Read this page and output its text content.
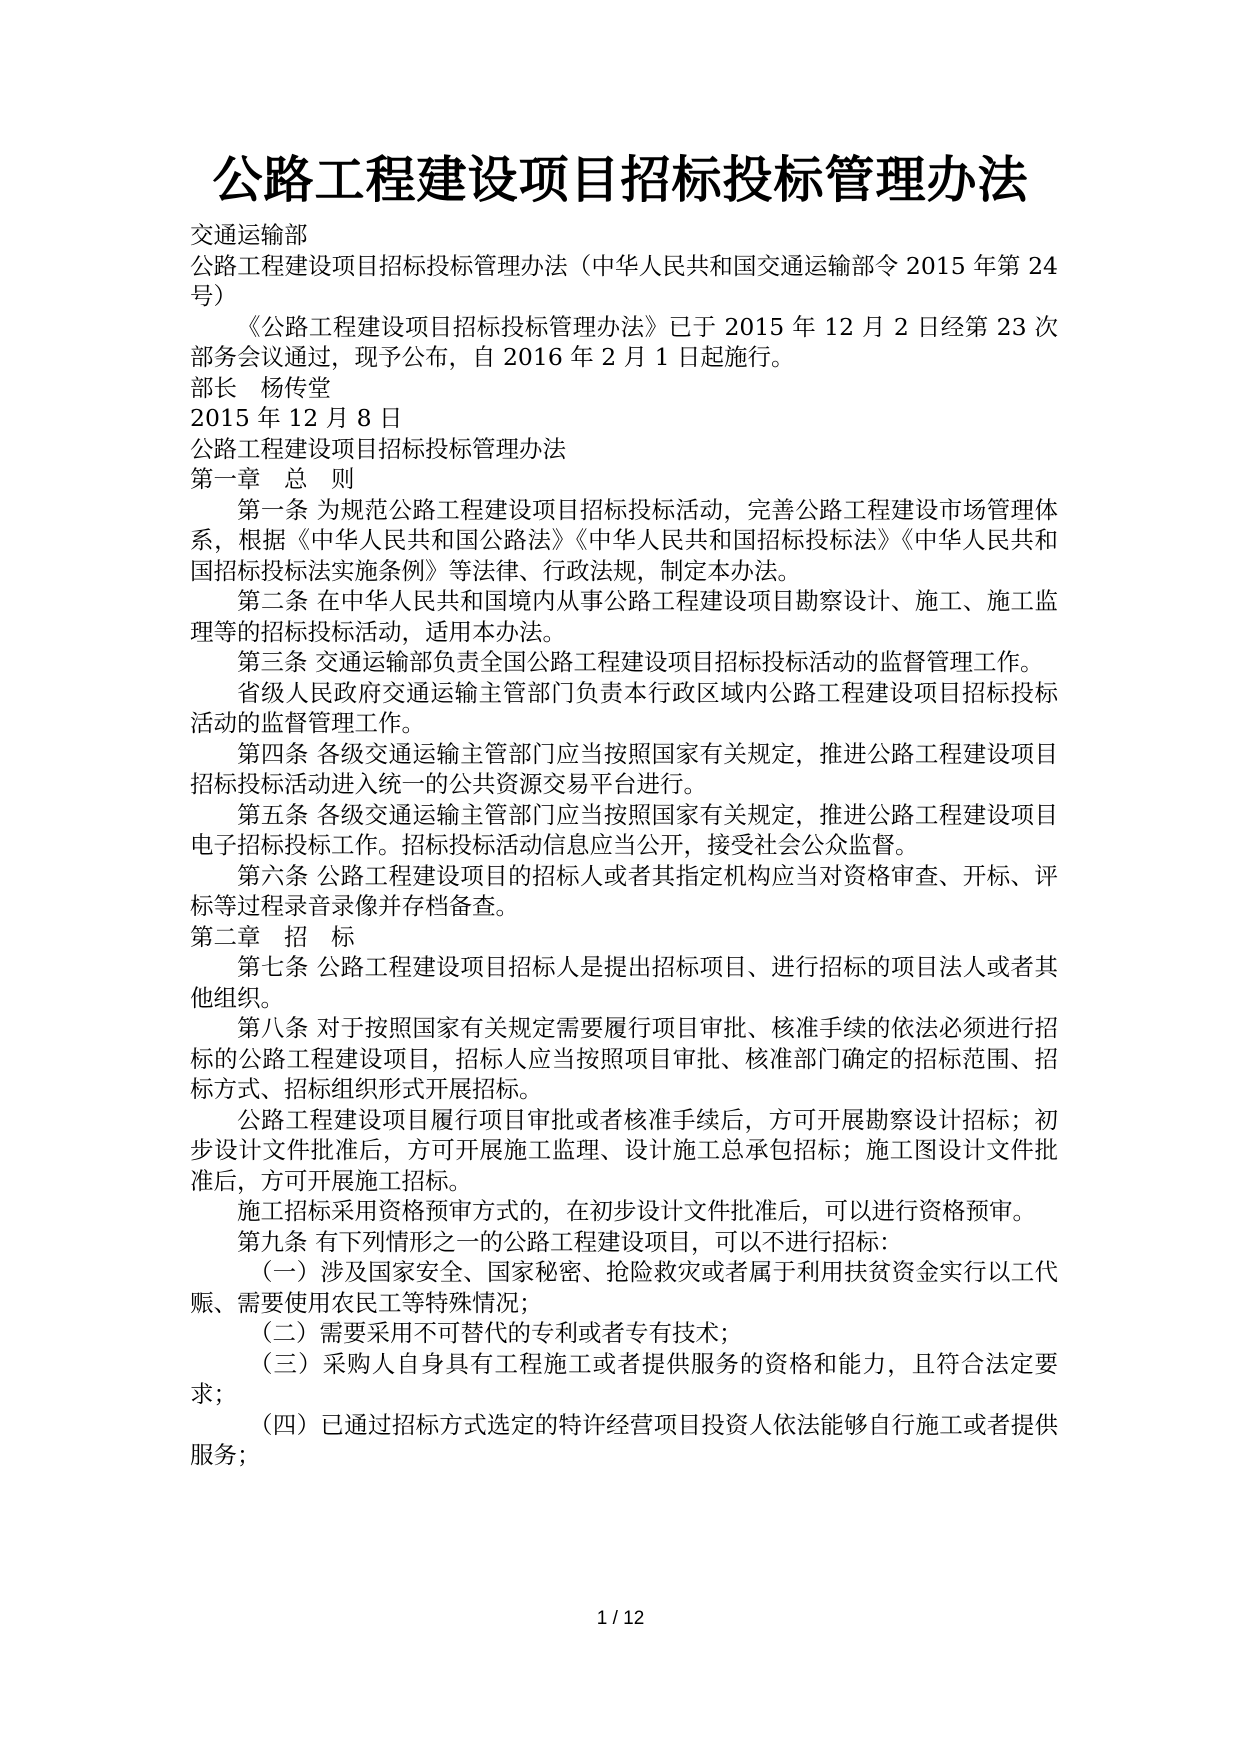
公路工程建设项目招标投标管理办法

交通运输部

公路工程建设项目招标投标管理办法（中华人民共和国交通运输部令 2015 年第 24 号）

《公路工程建设项目招标投标管理办法》已于 2015 年 12 月 2 日经第 23 次部务会议通过，现予公布，自 2016 年 2 月 1 日起施行。

部长　杨传堂

2015 年 12 月 8 日

公路工程建设项目招标投标管理办法

第一章　总　则

第一条 为规范公路工程建设项目招标投标活动，完善公路工程建设市场管理体系，根据《中华人民共和国公路法》《中华人民共和国招标投标法》《中华人民共和国招标投标法实施条例》等法律、行政法规，制定本办法。

第二条 在中华人民共和国境内从事公路工程建设项目勘察设计、施工、施工监理等的招标投标活动，适用本办法。

第三条 交通运输部负责全国公路工程建设项目招标投标活动的监督管理工作。

省级人民政府交通运输主管部门负责本行政区域内公路工程建设项目招标投标活动的监督管理工作。

第四条 各级交通运输主管部门应当按照国家有关规定，推进公路工程建设项目招标投标活动进入统一的公共资源交易平台进行。

第五条 各级交通运输主管部门应当按照国家有关规定，推进公路工程建设项目电子招标投标工作。招标投标活动信息应当公开，接受社会公众监督。

第六条 公路工程建设项目的招标人或者其指定机构应当对资格审查、开标、评标等过程录音录像并存档备查。

第二章　招　标

第七条 公路工程建设项目招标人是提出招标项目、进行招标的项目法人或者其他组织。

第八条 对于按照国家有关规定需要履行项目审批、核准手续的依法必须进行招标的公路工程建设项目，招标人应当按照项目审批、核准部门确定的招标范围、招标方式、招标组织形式开展招标。

公路工程建设项目履行项目审批或者核准手续后，方可开展勘察设计招标；初步设计文件批准后，方可开展施工监理、设计施工总承包招标；施工图设计文件批准后，方可开展施工招标。

施工招标采用资格预审方式的，在初步设计文件批准后，可以进行资格预审。

第九条 有下列情形之一的公路工程建设项目，可以不进行招标：

（一）涉及国家安全、国家秘密、抢险救灾或者属于利用扶贫资金实行以工代赈、需要使用农民工等特殊情况；

（二）需要采用不可替代的专利或者专有技术；

（三）采购人自身具有工程施工或者提供服务的资格和能力，且符合法定要求；

（四）已通过招标方式选定的特许经营项目投资人依法能够自行施工或者提供服务；

1 / 12
